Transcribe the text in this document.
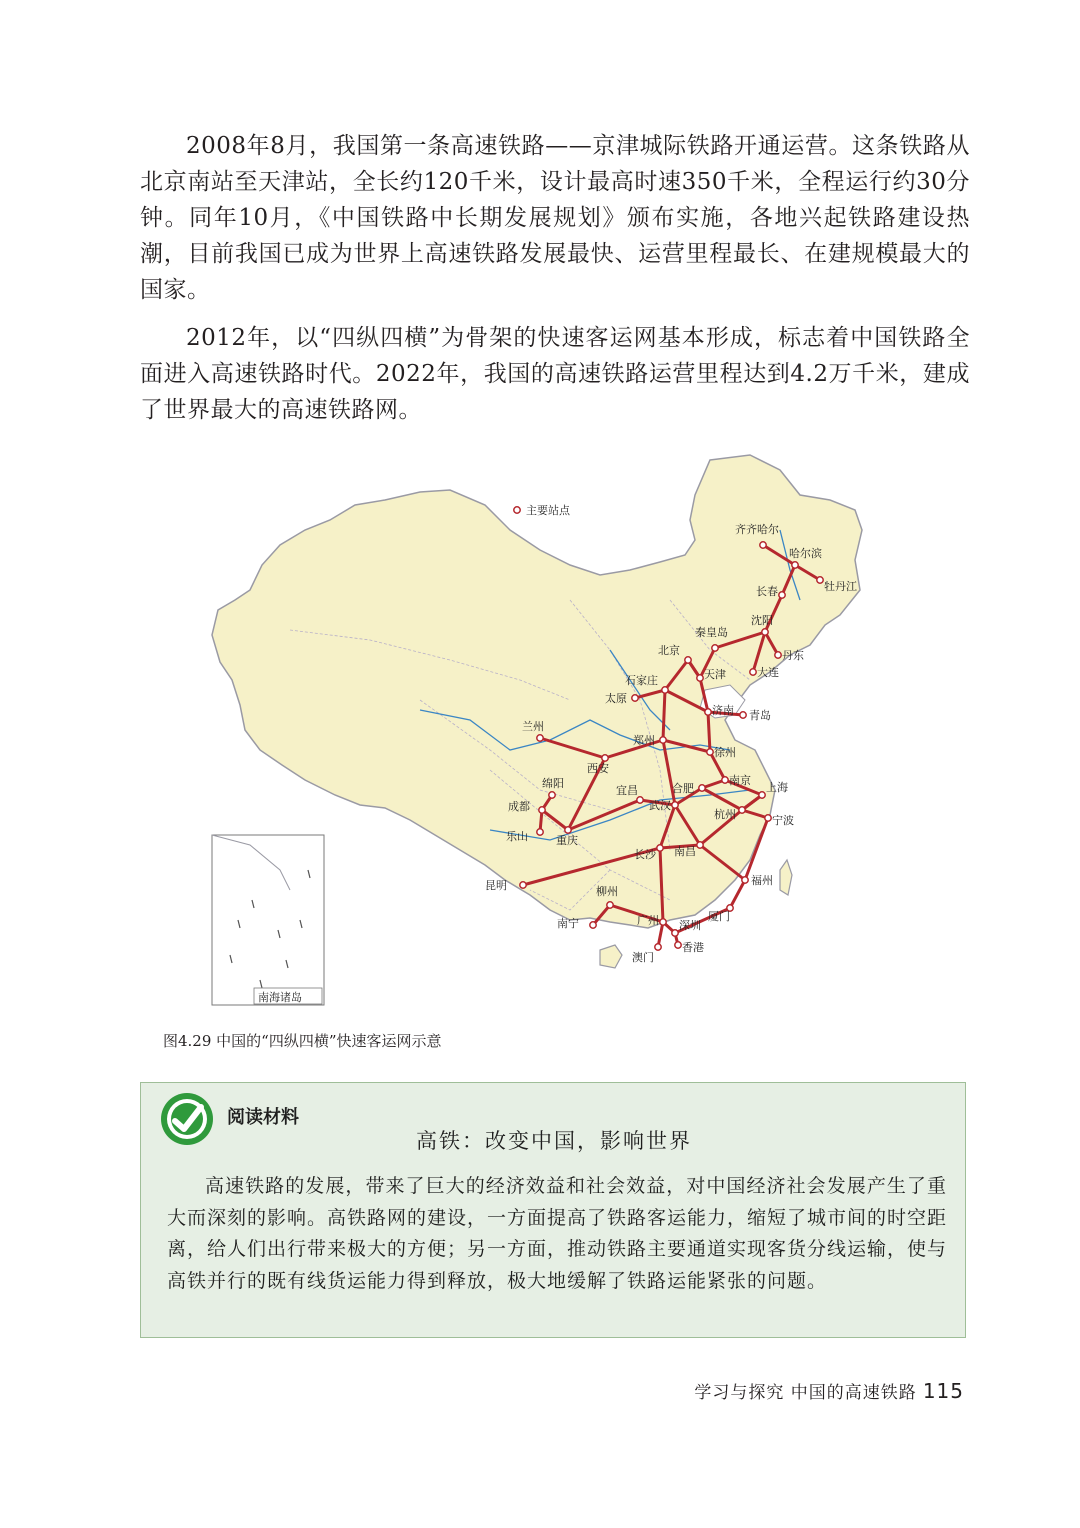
2008年8月，我国第一条高速铁路——京津城际铁路开通运营。这条铁路从北京南站至天津站，全长约120千米，设计最高时速350千米，全程运行约30分钟。同年10月，《中国铁路中长期发展规划》颁布实施，各地兴起铁路建设热潮，目前我国已成为世界上高速铁路发展最快、运营里程最长、在建规模最大的国家。

2012年，以“四纵四横”为骨架的快速客运网基本形成，标志着中国铁路全面进入高速铁路时代。2022年，我国的高速铁路运营里程达到4.2万千米，建成了世界最大的高速铁路网。

齐齐哈尔
哈尔滨
牡丹江
长春
沈阳
丹东
大连
北京
秦皇岛
天津
石家庄
太原
济南 青岛
兰州
西安
郑州
徐州
合肥
南京
上海
杭州	宁波
武汉
宜昌
重庆
成都
绵阳
乐山
长沙 南昌
福州
厦门
昆明	柳州
南宁	广州 深圳
香港
澳门
主要站点
南海诸岛
图4.29 中国的“四纵四横”快速客运网示意
阅读材料
高铁：改变中国，影响世界

高速铁路的发展，带来了巨大的经济效益和社会效益，对中国经济社会发展产生了重大而深刻的影响。高铁路网的建设，一方面提高了铁路客运能力，缩短了城市间的时空距离，给人们出行带来极大的方便；另一方面，推动铁路主要通道实现客货分线运输，使与高铁并行的既有线货运能力得到释放，极大地缓解了铁路运能紧张的问题。

学习与探究 中国的高速铁路 115
